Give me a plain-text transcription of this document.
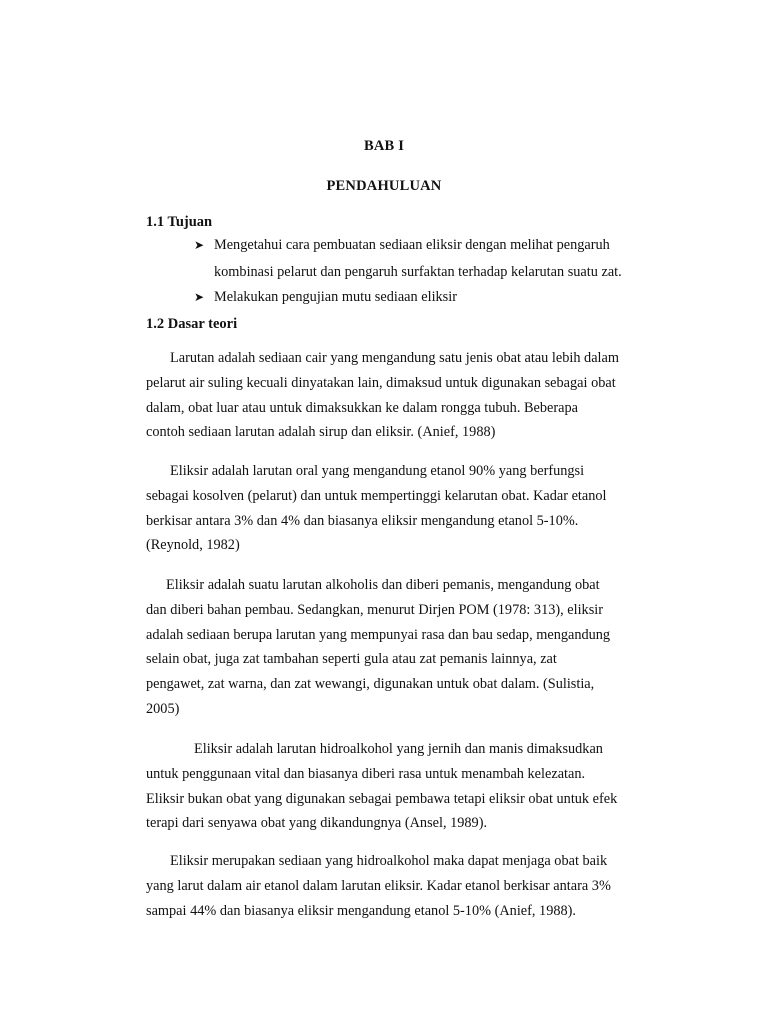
BAB I
PENDAHULUAN
1.1 Tujuan
➤ Mengetahui cara pembuatan sediaan eliksir dengan melihat pengaruh
kombinasi pelarut dan pengaruh surfaktan terhadap kelarutan suatu zat.
➤ Melakukan pengujian mutu sediaan eliksir
1.2 Dasar teori
Larutan adalah sediaan cair yang mengandung satu jenis obat atau lebih dalam
pelarut air suling kecuali dinyatakan lain, dimaksud untuk digunakan sebagai obat
dalam, obat luar atau untuk dimaksukkan ke dalam rongga tubuh. Beberapa
contoh sediaan larutan adalah sirup dan eliksir. (Anief, 1988)
Eliksir adalah larutan oral yang mengandung etanol 90% yang berfungsi
sebagai kosolven (pelarut) dan untuk mempertinggi kelarutan obat. Kadar etanol
berkisar antara 3% dan 4% dan biasanya eliksir mengandung etanol 5-10%.
(Reynold, 1982)
Eliksir adalah suatu larutan alkoholis dan diberi pemanis, mengandung obat
dan diberi bahan pembau. Sedangkan, menurut Dirjen POM (1978: 313), eliksir
adalah sediaan berupa larutan yang mempunyai rasa dan bau sedap, mengandung
selain obat, juga zat tambahan seperti gula atau zat pemanis lainnya, zat
pengawet, zat warna, dan zat wewangi, digunakan untuk obat dalam. (Sulistia,
2005)
Eliksir adalah larutan hidroalkohol yang jernih dan manis dimaksudkan
untuk penggunaan vital dan biasanya diberi rasa untuk menambah kelezatan.
Eliksir bukan obat yang digunakan sebagai pembawa tetapi eliksir obat untuk efek
terapi dari senyawa obat yang dikandungnya (Ansel, 1989).
Eliksir merupakan sediaan yang hidroalkohol maka dapat menjaga obat baik
yang larut dalam air etanol dalam larutan eliksir. Kadar etanol berkisar antara 3%
sampai 44% dan biasanya eliksir mengandung etanol 5-10% (Anief, 1988).
